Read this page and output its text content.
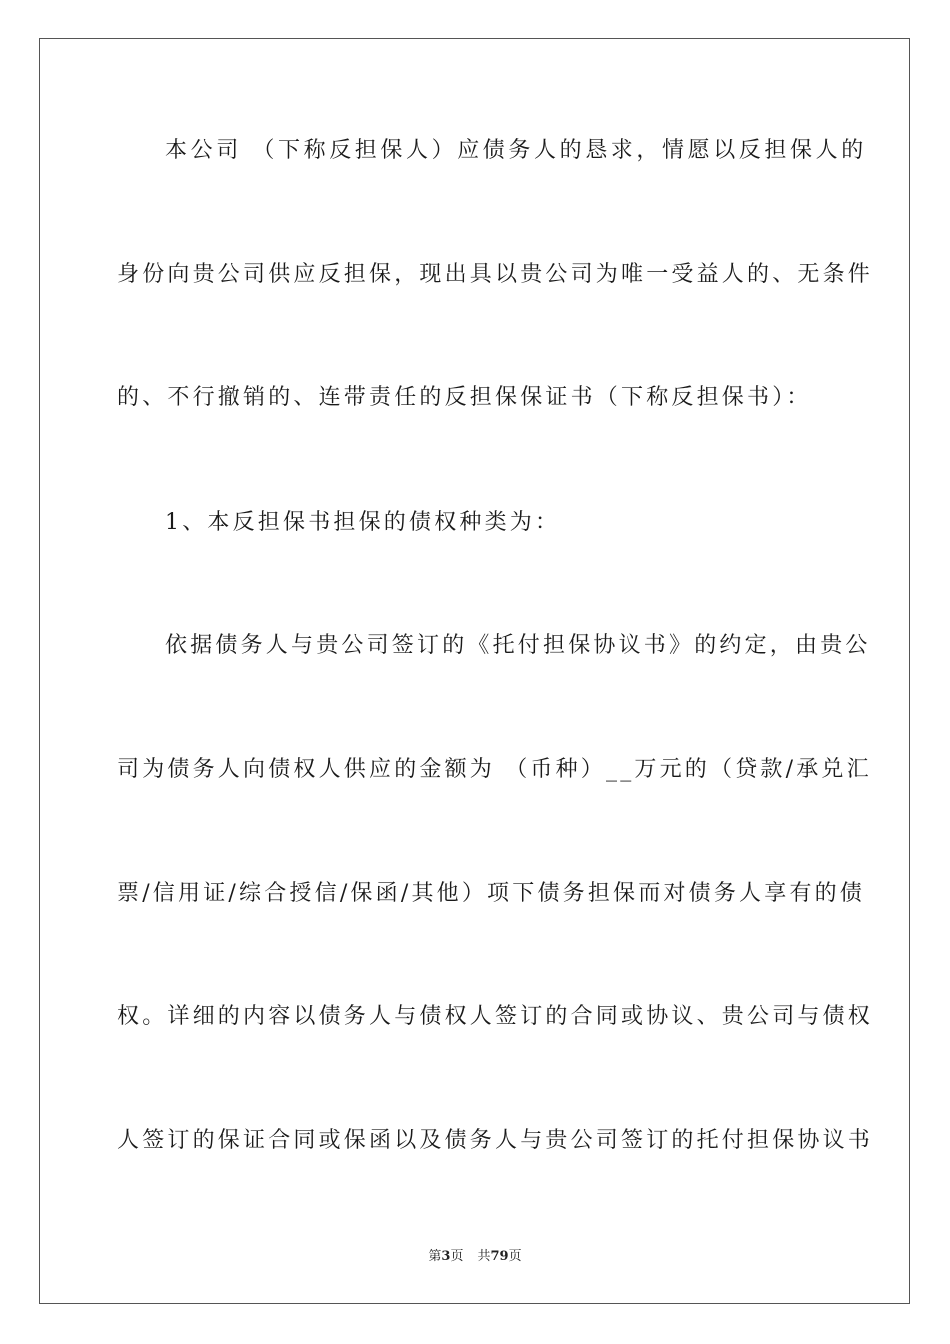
本公司 （下称反担保人）应债务人的恳求，情愿以反担保人的
身份向贵公司供应反担保，现出具以贵公司为唯一受益人的、无条件
的、不行撤销的、连带责任的反担保保证书（下称反担保书）：
1、本反担保书担保的债权种类为：
依据债务人与贵公司签订的《托付担保协议书》的约定，由贵公
司为债务人向债权人供应的金额为 （币种）__万元的（贷款/承兑汇
票/信用证/综合授信/保函/其他）项下债务担保而对债务人享有的债
权。详细的内容以债务人与债权人签订的合同或协议、贵公司与债权
人签订的保证合同或保函以及债务人与贵公司签订的托付担保协议书
第3页 共79页
